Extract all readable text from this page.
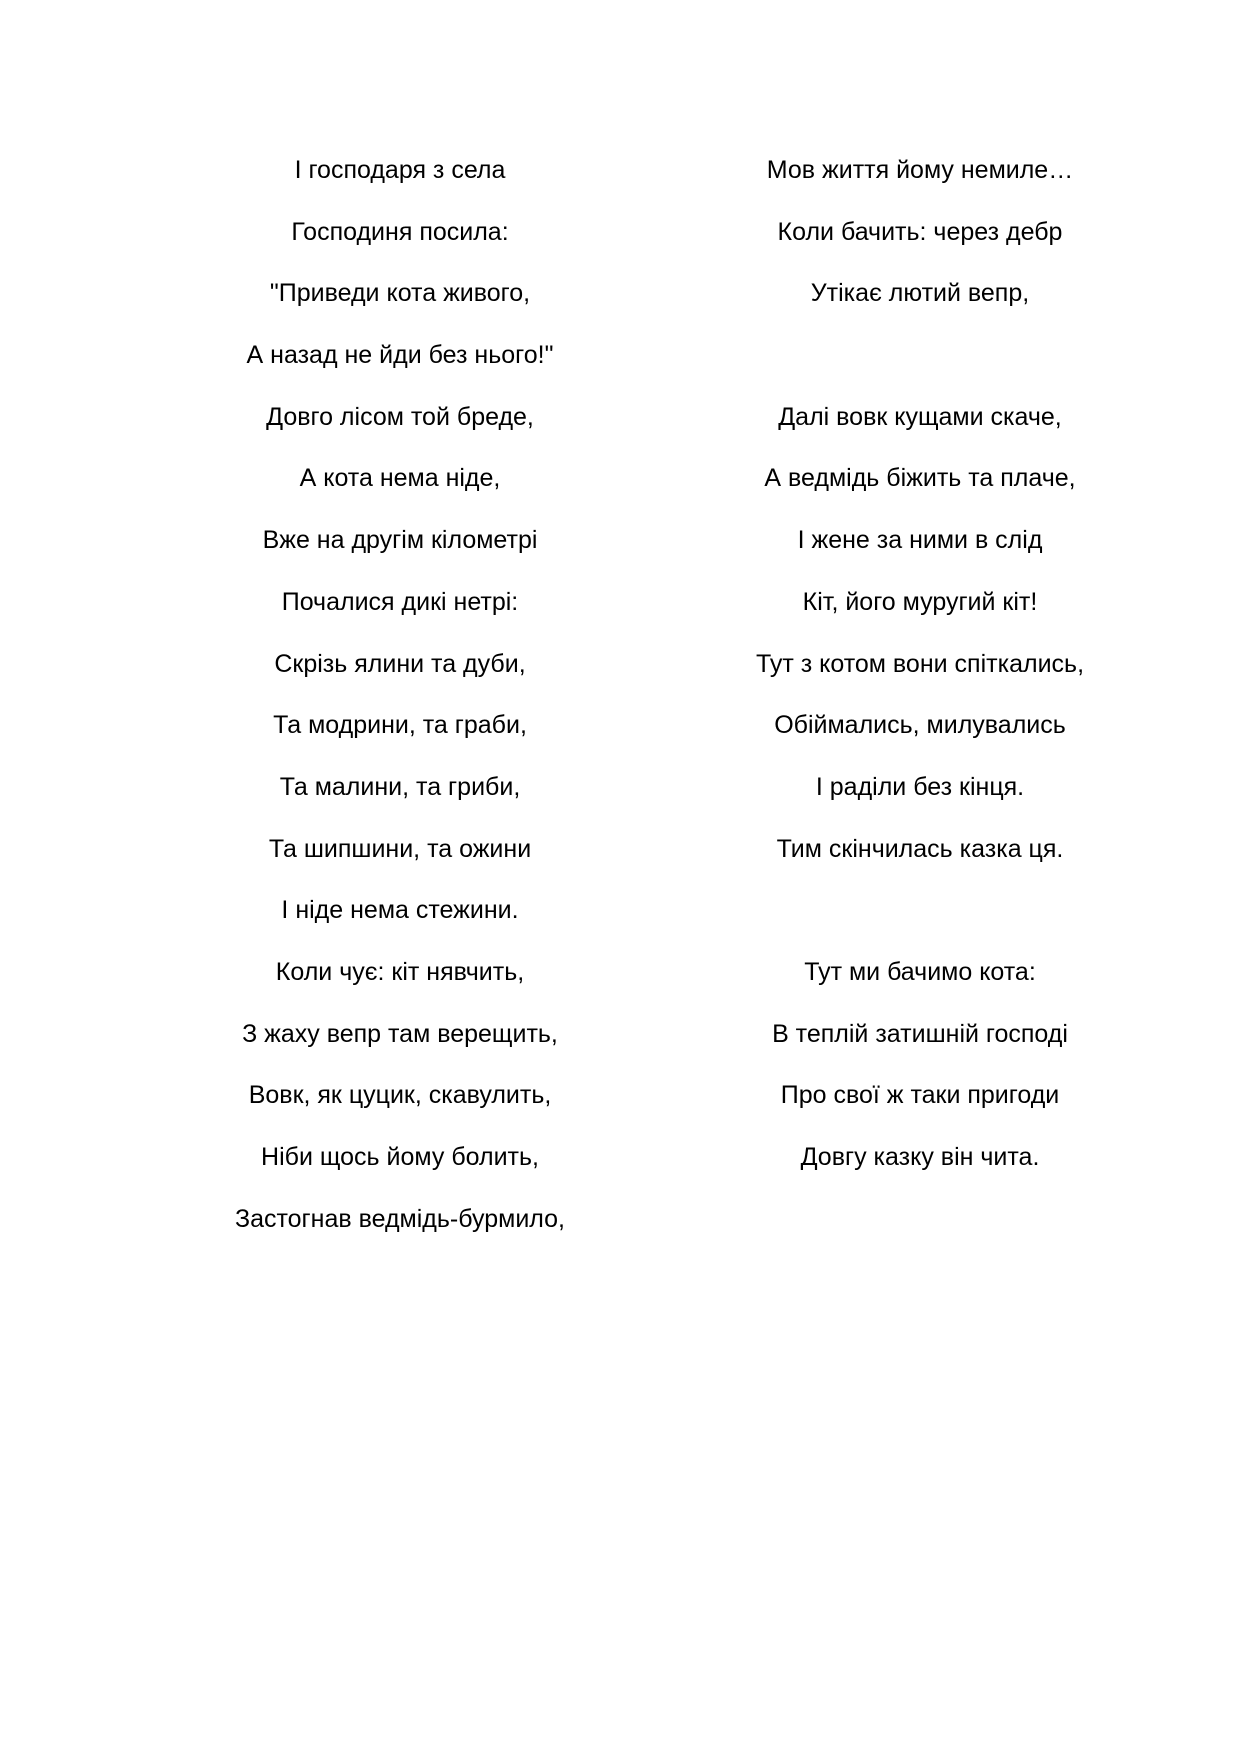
І господаря з села
Господиня посила:
"Приведи кота живого,
А назад не йди без нього!"
Довго лісом той бреде,
А кота нема ніде,
Вже на другім кілометрі
Почалися дикі нетрі:
Скрізь ялини та дуби,
Та модрини, та граби,
Та малини, та гриби,
Та шипшини, та ожини
І ніде нема стежини.
Коли чує: кіт нявчить,
З жаху вепр там верещить,
Вовк, як цуцик, скавулить,
Ніби щось йому болить,
Застогнав ведмідь-бурмило,
Мов життя йому немиле…
Коли бачить: через дебр
Утікає лютий вепр,
Далі вовк кущами скаче,
А ведмідь біжить та плаче,
І жене за ними в слід
Кіт, його муругий кіт!
Тут з котом вони спіткались,
Обіймались, милувались
І раділи без кінця.
Тим скінчилась казка ця.
Тут ми бачимо кота:
В теплій затишній господі
Про свої ж таки пригоди
Довгу казку він чита.
